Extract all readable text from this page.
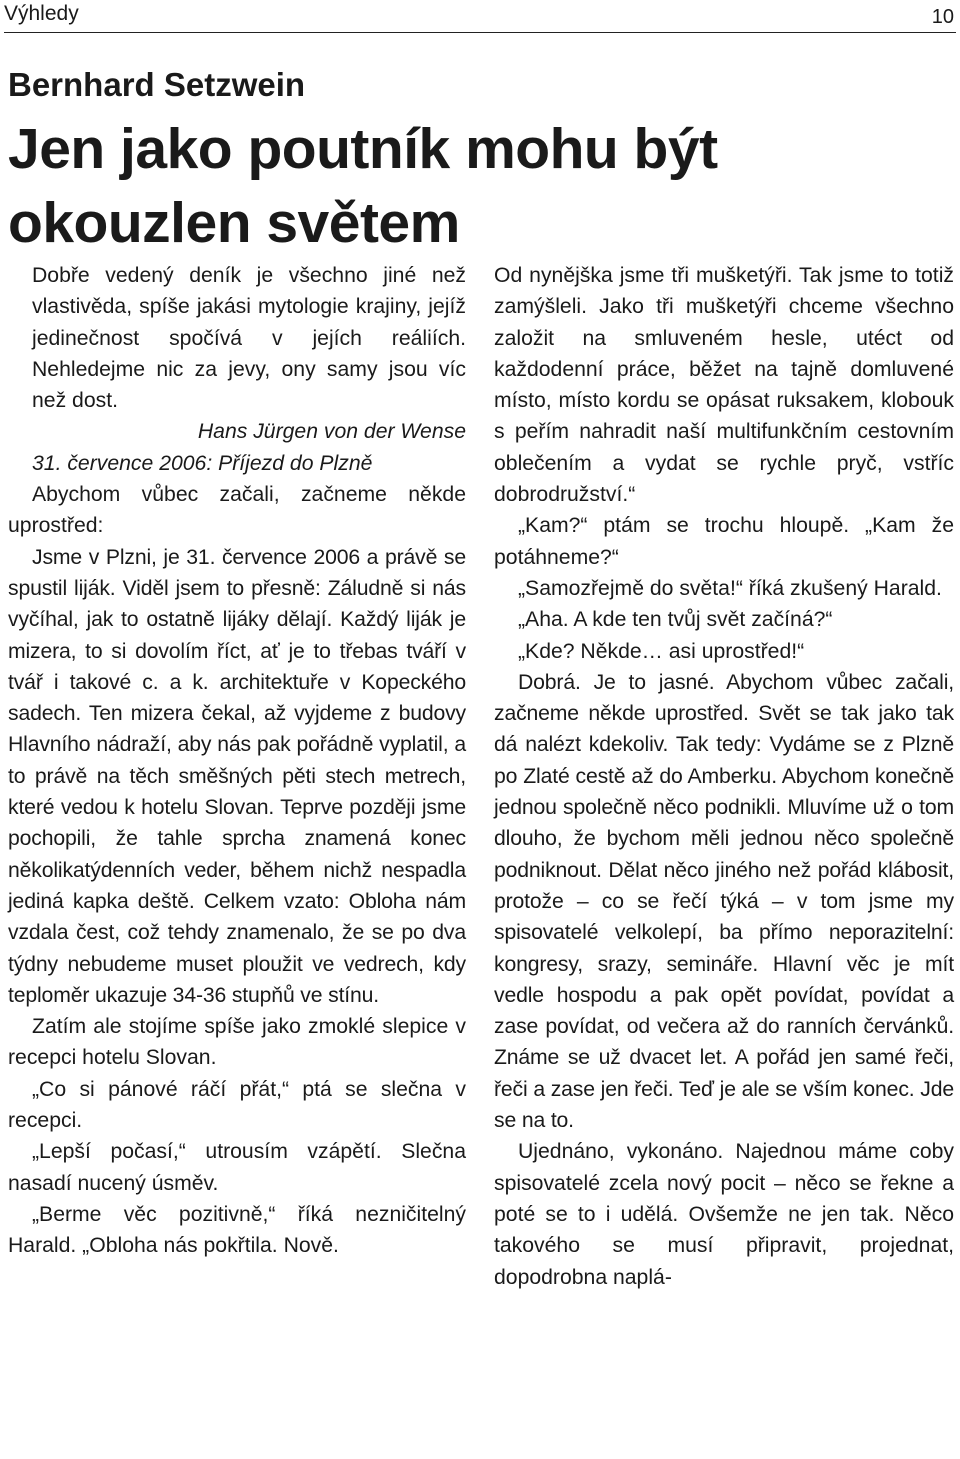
Výhledy	10
Bernhard Setzwein
Jen jako poutník mohu být okouzlen světem

Dobře vedený deník je všechno jiné než vlastivěda, spíše jakási mytologie krajiny, jejíž jedinečnost spočívá v jejích reáliích. Nehledejme nic za jevy, ony samy jsou víc než dost.

Hans Jürgen von der Wense

31. července 2006: Příjezd do Plzně

Abychom vůbec začali, začneme někde uprostřed:

Jsme v Plzni, je 31. července 2006 a právě se spustil liják. Viděl jsem to přesně: Záludně si nás vyčíhal, jak to ostatně lijáky dělají. Každý liják je mizera, to si dovolím říct, ať je to třebas tváří v tvář i takové c. a k. architektuře v Kopeckého sadech. Ten mizera čekal, až vyjdeme z budovy Hlavního nádraží, aby nás pak pořádně vyplatil, a to právě na těch směšných pěti stech metrech, které vedou k hotelu Slovan. Teprve později jsme pochopili, že tahle sprcha znamená konec několikatýdenních veder, během nichž nespadla jediná kapka deště. Celkem vzato: Obloha nám vzdala čest, což tehdy znamenalo, že se po dva týdny nebudeme muset ploužit ve vedrech, kdy teploměr ukazuje 34-36 stupňů ve stínu.

Zatím ale stojíme spíše jako zmoklé slepice v recepci hotelu Slovan.

„Co si pánové ráčí přát,“ ptá se slečna v recepci.

„Lepší počasí,“ utrousím vzápětí. Slečna nasadí nucený úsměv.

„Berme věc pozitivně,“ říká nezničitelný Harald. „Obloha nás pokřtila. Nově.

Od nynějška jsme tři mušketýři. Tak jsme to totiž zamýšleli. Jako tři mušketýři chceme všechno založit na smluveném hesle, utéct od každodenní práce, běžet na tajně domluvené místo, místo kordu se opásat ruksakem, klobouk s peřím nahradit naší multifunkčním cestovním oblečením a vydat se rychle pryč, vstříc dobrodružství.“

„Kam?“ ptám se trochu hloupě. „Kam že potáhneme?“

„Samozřejmě do světa!“ říká zkušený Harald.

„Aha. A kde ten tvůj svět začíná?“

„Kde? Někde… asi uprostřed!“

Dobrá. Je to jasné. Abychom vůbec začali, začneme někde uprostřed. Svět se tak jako tak dá nalézt kdekoliv. Tak tedy: Vydáme se z Plzně po Zlaté cestě až do Amberku. Abychom konečně jednou společně něco podnikli. Mluvíme už o tom dlouho, že bychom měli jednou něco společně podniknout. Dělat něco jiného než pořád klábosit, protože – co se řečí týká – v tom jsme my spisovatelé velkolepí, ba přímo neporazitelní: kongresy, srazy, semináře. Hlavní věc je mít vedle hospodu a pak opět povídat, povídat a zase povídat, od večera až do ranních červánků. Známe se už dvacet let. A pořád jen samé řeči, řeči a zase jen řeči. Teď je ale se vším konec. Jde se na to.

Ujednáno, vykonáno. Najednou máme coby spisovatelé zcela nový pocit – něco se řekne a poté se to i udělá. Ovšemže ne jen tak. Něco takového se musí připravit, projednat, dopodrobna naplá-
